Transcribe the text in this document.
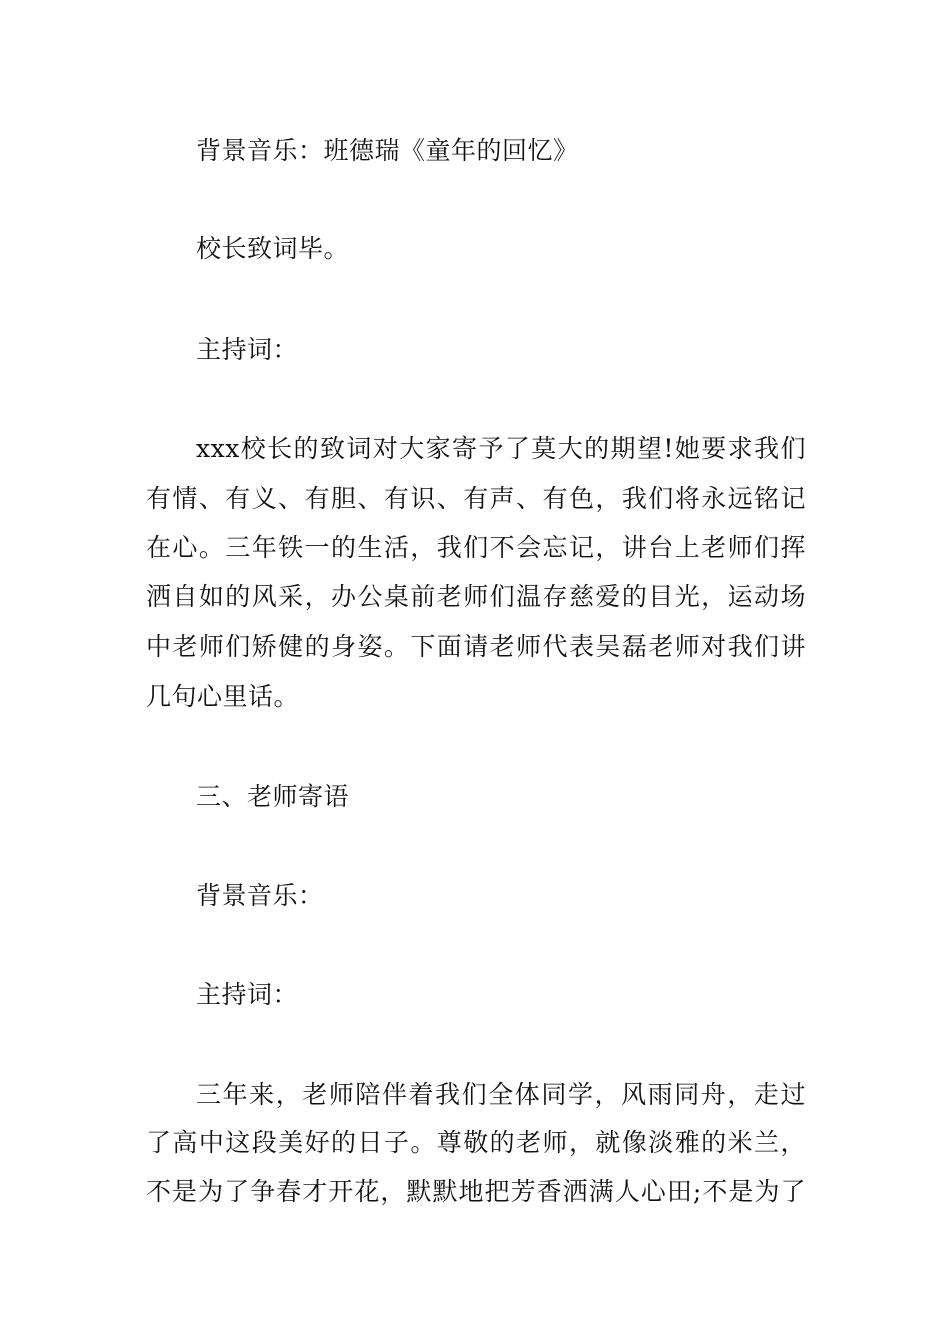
背景音乐：班德瑞《童年的回忆》
校长致词毕。
主持词：
xxx校长的致词对大家寄予了莫大的期望!她要求我们
有情、有义、有胆、有识、有声、有色，我们将永远铭记
在心。三年铁一的生活，我们不会忘记，讲台上老师们挥
洒自如的风采，办公桌前老师们温存慈爱的目光，运动场
中老师们矫健的身姿。下面请老师代表吴磊老师对我们讲
几句心里话。
三、老师寄语
背景音乐：
主持词：
三年来，老师陪伴着我们全体同学，风雨同舟，走过
了高中这段美好的日子。尊敬的老师，就像淡雅的米兰，
不是为了争春才开花，默默地把芳香洒满人心田;不是为了
